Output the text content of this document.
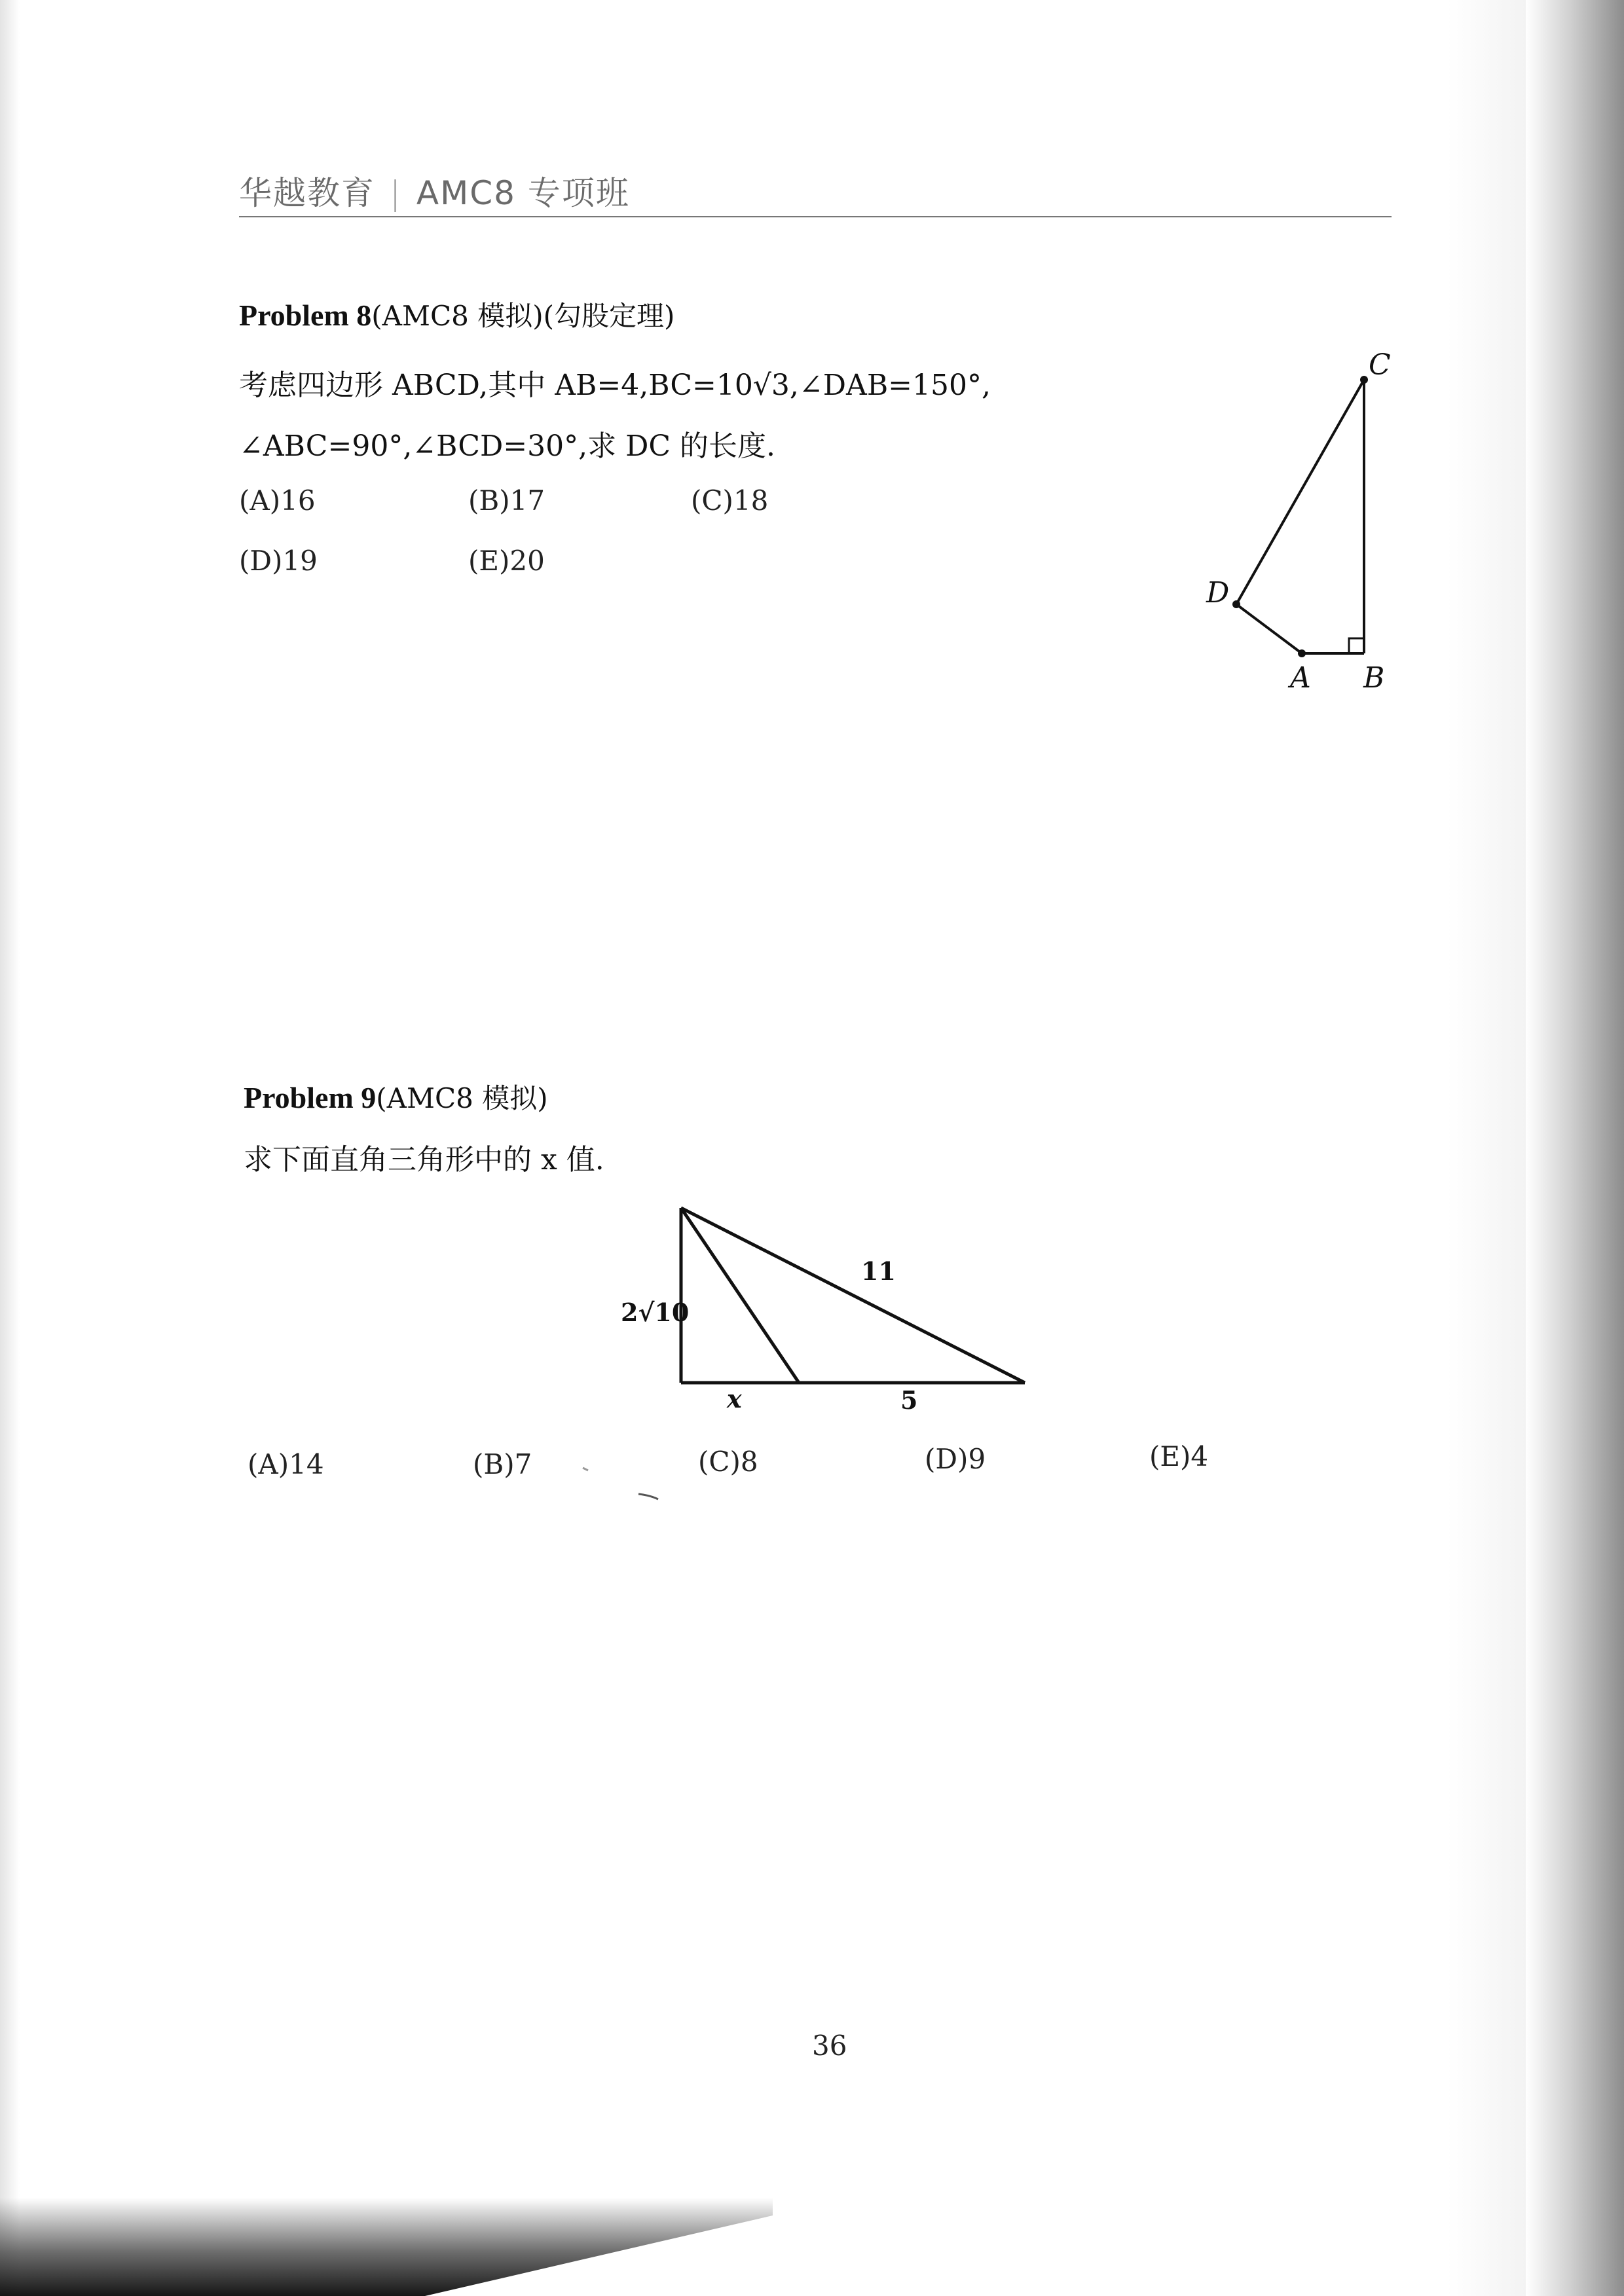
华越教育 | AMC8 专项班
Problem 8(AMC8 模拟)(勾股定理)
考虑四边形 ABCD,其中 AB=4,BC=10√3,∠DAB=150°,
∠ABC=90°,∠BCD=30°,求 DC 的长度.
(A)16	(B)17	(C)18
(D)19	(E)20
C
D
A B
Problem 9(AMC8 模拟)
求下面直角三角形中的 x 值.
2√10
11
x	5
(A)14	(B)7	(C)8	(D)9	(E)4
36
